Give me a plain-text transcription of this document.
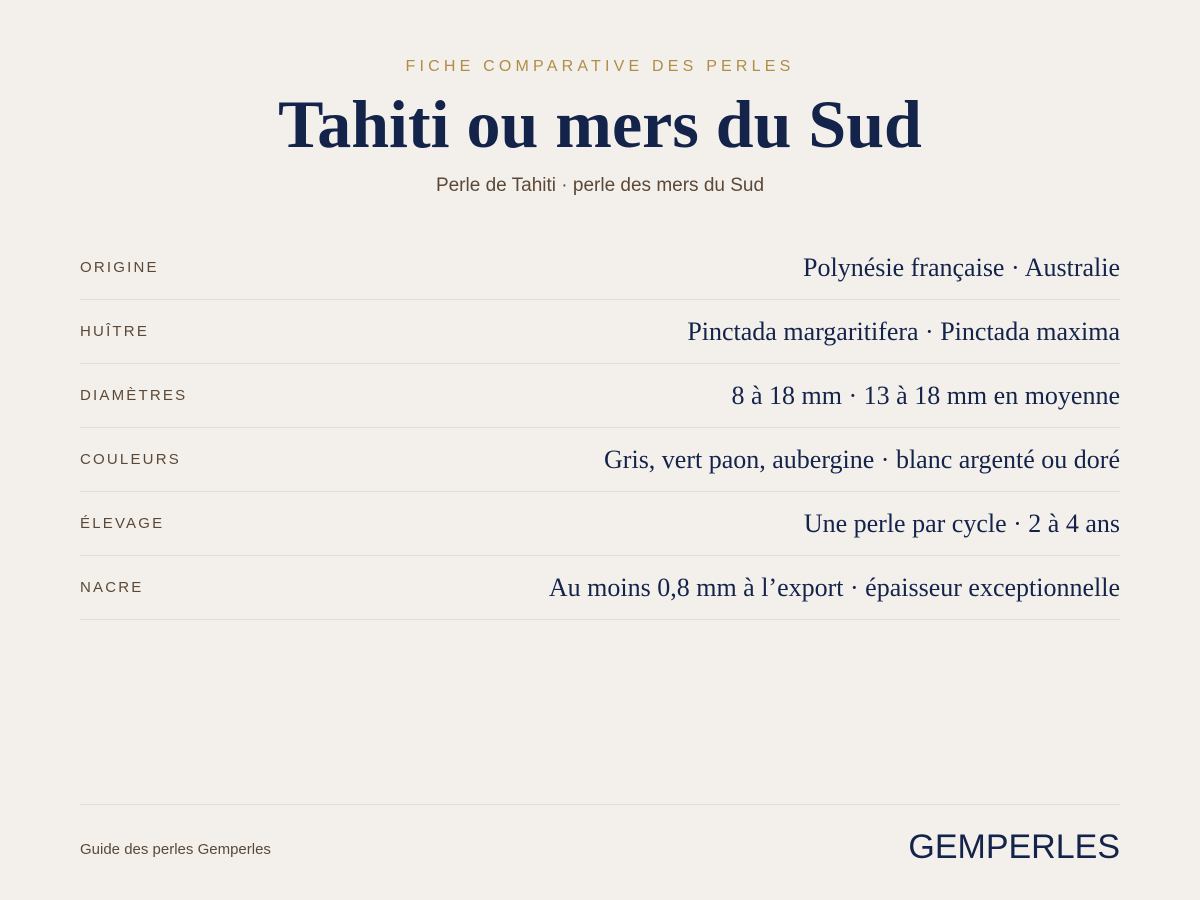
FICHE COMPARATIVE DES PERLES
Tahiti ou mers du Sud
Perle de Tahiti · perle des mers du Sud
ORIGINE	Polynésie française · Australie
HUÎTRE	Pinctada margaritifera · Pinctada maxima
DIAMÈTRES	8 à 18 mm · 13 à 18 mm en moyenne
COULEURS	Gris, vert paon, aubergine · blanc argenté ou doré
ÉLEVAGE	Une perle par cycle · 2 à 4 ans
NACRE	Au moins 0,8 mm à l’export · épaisseur exceptionnelle
Guide des perles Gemperles	GEMPERLES
